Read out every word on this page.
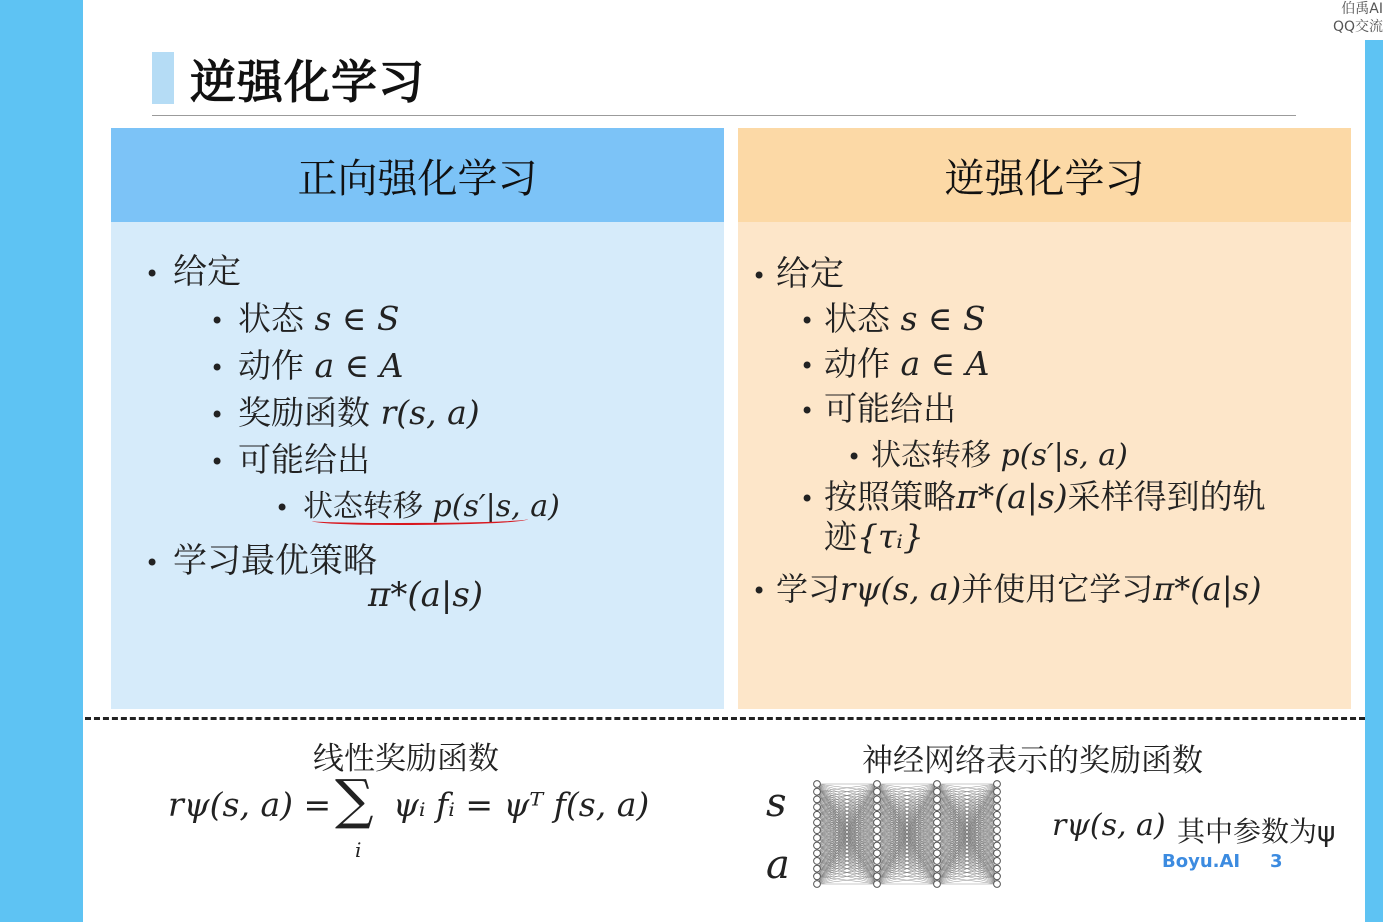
伯禹AI
QQ交流
逆强化学习
正向强化学习
• 给定
• 状态 s ∈ S
• 动作 a ∈ A
• 奖励函数 r(s, a)
• 可能给出
• 状态转移 p(s′|s, a)
• 学习最优策略
π*(a|s)
逆强化学习
• 给定
• 状态 s ∈ S
• 动作 a ∈ A
• 可能给出
• 状态转移 p(s′|s, a)
• 按照策略π*(a|s)采样得到的轨
迹{τᵢ}
• 学习rψ(s, a)并使用它学习π*(a|s)
线性奖励函数
rψ(s, a) = ∑
i
ψᵢ fᵢ = ψᵀ f(s, a)
神经网络表示的奖励函数
s
a
rψ(s, a) 其中参数为ψ
Boyu.AI 3
